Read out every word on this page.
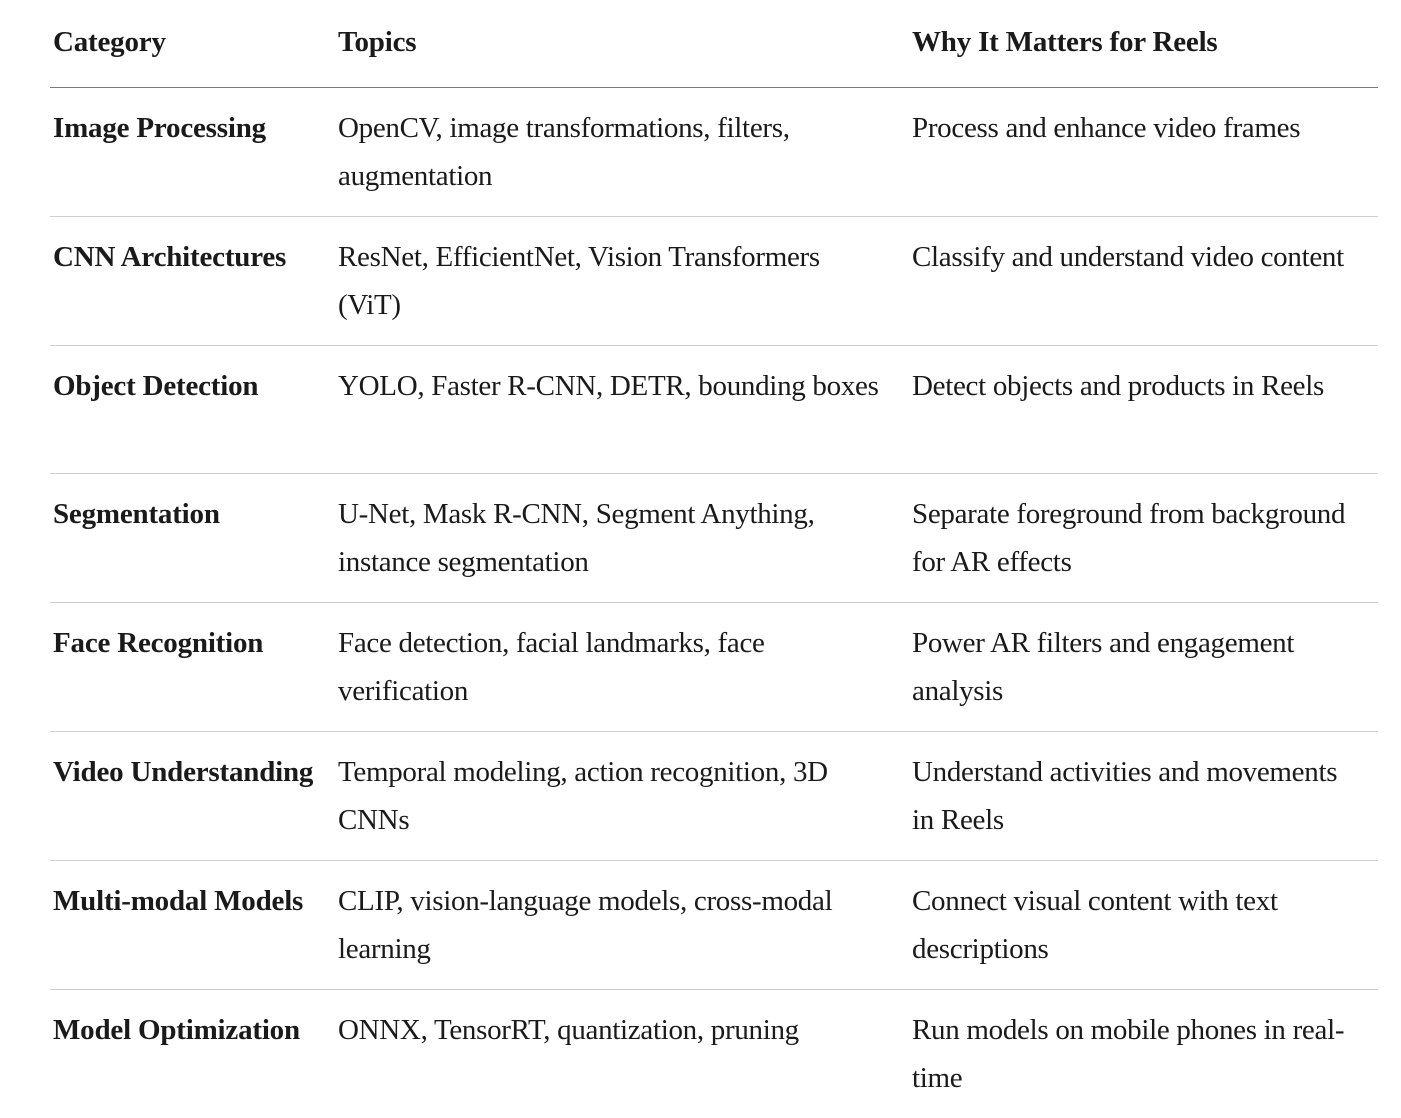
Category	Topics	Why It Matters for Reels
Image Processing	OpenCV, image transformations, filters, augmentation	Process and enhance video frames
CNN Architectures	ResNet, EfficientNet, Vision Transformers (ViT)	Classify and understand video content
Object Detection	YOLO, Faster R-CNN, DETR, bounding boxes	Detect objects and products in Reels
Segmentation	U-Net, Mask R-CNN, Segment Anything, instance segmentation	Separate foreground from background for AR effects
Face Recognition	Face detection, facial landmarks, face verification	Power AR filters and engagement analysis
Video Understanding	Temporal modeling, action recognition, 3D CNNs	Understand activities and movements in Reels
Multi-modal Models	CLIP, vision-language models, cross-modal learning	Connect visual content with text descriptions
Model Optimization	ONNX, TensorRT, quantization, pruning	Run models on mobile phones in real-time
